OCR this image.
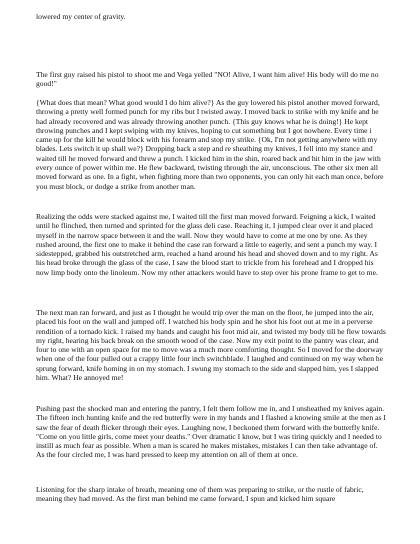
lowered my center of gravity.

The first guy raised his pistol to shoot me and Vega yelled "NO! Alive, I want him alive! His body will do me no good!"

{What does that mean? What good would I do him alive?} As the guy lowered his pistol another moved forward, throwing a pretty well formed punch for my ribs but I twisted away. I moved back to strike with my knife and he had already recovered and was already throwing another punch. {This guy knows what he is doing!} He kept throwing punches and I kept swiping with my knives, hoping to cut something but I got nowhere. Every time i came up for the kill he would block with his forearm and stop my strike. {Ok, I'm not getting anywhere with my blades. Lets switch it up shall we?} Dropping back a step and re sheathing my knives, I fell into my stance and waited till he moved forward and threw a punch. I kicked him in the shin, roared back and hit him in the jaw with every ounce of power within me. He flew backward, twisting through the air, unconscious. The other six men all moved forward as one. In a fight, when fighting more than two opponents, you can only hit each man once, before you must block, or dodge a strike from another man.

Realizing the odds were stacked against me, I waited till the first man moved forward. Feigning a kick, I waited until he flinched, then turned and sprinted for the glass deli case. Reaching it, I jumped clear over it and placed myself in the narrow space between it and the wall. Now they would have to come at me one by one. As they rushed around, the first one to make it behind the case ran forward a little to eagerly, and sent a punch my way. I sidestepped, grabbed his outstretched arm, reached a hand around his head and shoved down and to my right. As his head broke through the glass of the case, I saw the blood start to trickle from his forehead and I dropped his now limp body onto the linoleum. Now my other attackers would have to step over his prone frame to get to me.

The next man ran forward, and just as I thought he would trip over the man on the floor, he jumped into the air, placed his foot on the wall and jumped off. I watched his body spin and he shot his foot out at me in a perverse rendition of a tornado kick. I raised my hands and caught his foot mid air, and twisted my body till he flew towards my right, hearing his back break on the smooth wood of the case. Now my exit point to the pantry was clear, and four to one with an open space for me to move was a much more comforting thought. So I moved for the doorway when one of the four pulled out a crappy little four inch switchblade. I laughed and continued on my way when he sprung forward, knife homing in on my stomach. I swung my stomach to the side and slapped him, yes I slapped him. What? He annoyed me!

Pushing past the shocked man and entering the pantry, I felt them follow me in, and I unsheathed my knives again. The fifteen inch hunting knife and the red butterfly were in my hands and I flashed a knowing smile at the men as I saw the fear of death flicker through their eyes. Laughing now, I beckoned them forward with the butterfly knife. "Come on you little girls, come meet your deaths." Over dramatic I know, but I was tiring quickly and I needed to instill as much fear as possible. When a man is scared he makes mistakes, mistakes I can then take advantage of. As the four circled me, I was hard pressed to keep my attention on all of them at once.

Listening for the sharp intake of breath, meaning one of them was preparing to strike, or the rustle of fabric, meaning they had moved. As the first man behind me came forward, I spun and kicked him square
